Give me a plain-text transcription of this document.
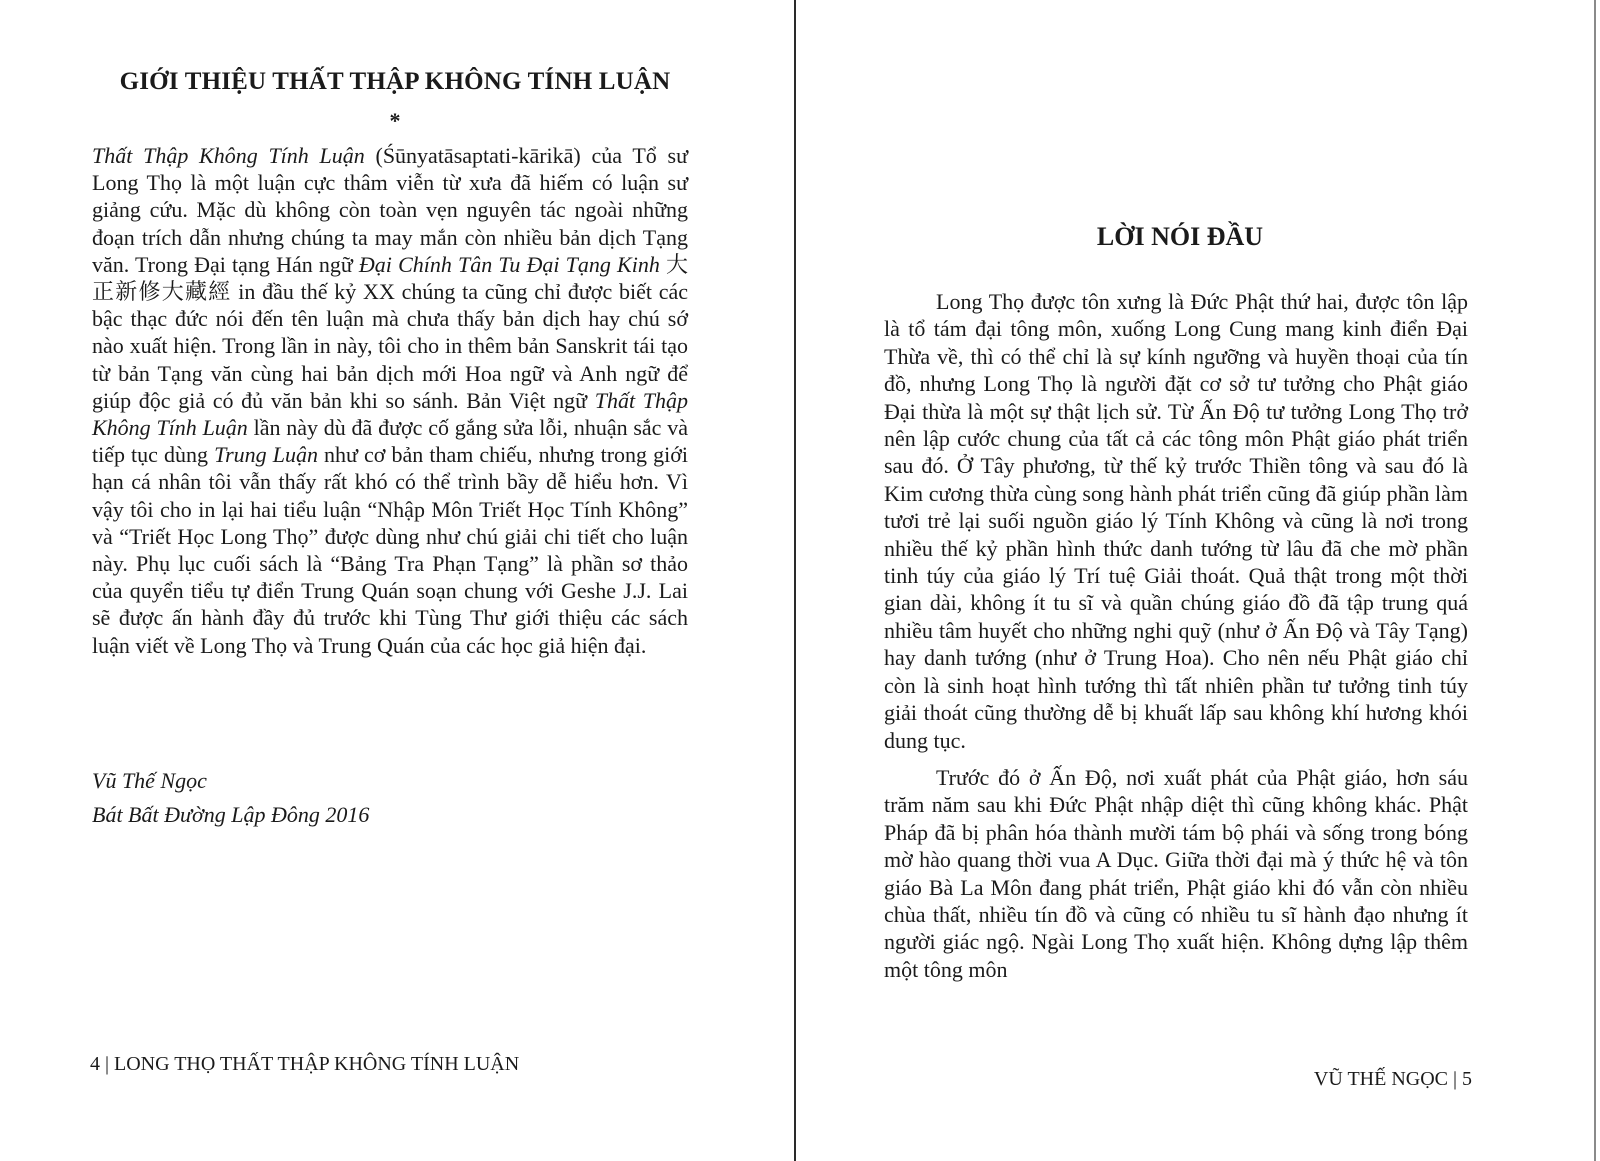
GIỚI THIỆU THẤT THẬP KHÔNG TÍNH LUẬN
*

Thất Thập Không Tính Luận (Śūnyatāsaptati-kārikā) của Tổ sư Long Thọ là một luận cực thâm viễn từ xưa đã hiếm có luận sư giảng cứu. Mặc dù không còn toàn vẹn nguyên tác ngoài những đoạn trích dẫn nhưng chúng ta may mắn còn nhiều bản dịch Tạng văn. Trong Đại tạng Hán ngữ Đại Chính Tân Tu Đại Tạng Kinh 大正新修大藏經 in đầu thế kỷ XX chúng ta cũng chỉ được biết các bậc thạc đức nói đến tên luận mà chưa thấy bản dịch hay chú sớ nào xuất hiện. Trong lần in này, tôi cho in thêm bản Sanskrit tái tạo từ bản Tạng văn cùng hai bản dịch mới Hoa ngữ và Anh ngữ để giúp độc giả có đủ văn bản khi so sánh. Bản Việt ngữ Thất Thập Không Tính Luận lần này dù đã được cố gắng sửa lỗi, nhuận sắc và tiếp tục dùng Trung Luận như cơ bản tham chiếu, nhưng trong giới hạn cá nhân tôi vẫn thấy rất khó có thể trình bầy dễ hiểu hơn. Vì vậy tôi cho in lại hai tiểu luận “Nhập Môn Triết Học Tính Không” và “Triết Học Long Thọ” được dùng như chú giải chi tiết cho luận này. Phụ lục cuối sách là “Bảng Tra Phạn Tạng” là phần sơ thảo của quyển tiểu tự điển Trung Quán soạn chung với Geshe J.J. Lai sẽ được ấn hành đầy đủ trước khi Tùng Thư giới thiệu các sách luận viết về Long Thọ và Trung Quán của các học giả hiện đại.

Vũ Thế Ngọc
Bát Bất Đường Lập Đông 2016
4 | LONG THỌ THẤT THẬP KHÔNG TÍNH LUẬN
LỜI NÓI ĐẦU

Long Thọ được tôn xưng là Đức Phật thứ hai, được tôn lập là tổ tám đại tông môn, xuống Long Cung mang kinh điển Đại Thừa về, thì có thể chỉ là sự kính ngưỡng và huyền thoại của tín đồ, nhưng Long Thọ là người đặt cơ sở tư tưởng cho Phật giáo Đại thừa là một sự thật lịch sử. Từ Ấn Độ tư tưởng Long Thọ trở nên lập cước chung của tất cả các tông môn Phật giáo phát triển sau đó. Ở Tây phương, từ thế kỷ trước Thiền tông và sau đó là Kim cương thừa cùng song hành phát triển cũng đã giúp phần làm tươi trẻ lại suối nguồn giáo lý Tính Không và cũng là nơi trong nhiều thế kỷ phần hình thức danh tướng từ lâu đã che mờ phần tinh túy của giáo lý Trí tuệ Giải thoát. Quả thật trong một thời gian dài, không ít tu sĩ và quần chúng giáo đồ đã tập trung quá nhiều tâm huyết cho những nghi quỹ (như ở Ấn Độ và Tây Tạng) hay danh tướng (như ở Trung Hoa). Cho nên nếu Phật giáo chỉ còn là sinh hoạt hình tướng thì tất nhiên phần tư tưởng tinh túy giải thoát cũng thường dễ bị khuất lấp sau không khí hương khói dung tục.

Trước đó ở Ấn Độ, nơi xuất phát của Phật giáo, hơn sáu trăm năm sau khi Đức Phật nhập diệt thì cũng không khác. Phật Pháp đã bị phân hóa thành mười tám bộ phái và sống trong bóng mờ hào quang thời vua A Dục. Giữa thời đại mà ý thức hệ và tôn giáo Bà La Môn đang phát triển, Phật giáo khi đó vẫn còn nhiều chùa thất, nhiều tín đồ và cũng có nhiều tu sĩ hành đạo nhưng ít người giác ngộ. Ngài Long Thọ xuất hiện. Không dựng lập thêm một tông môn

VŨ THẾ NGỌC | 5
